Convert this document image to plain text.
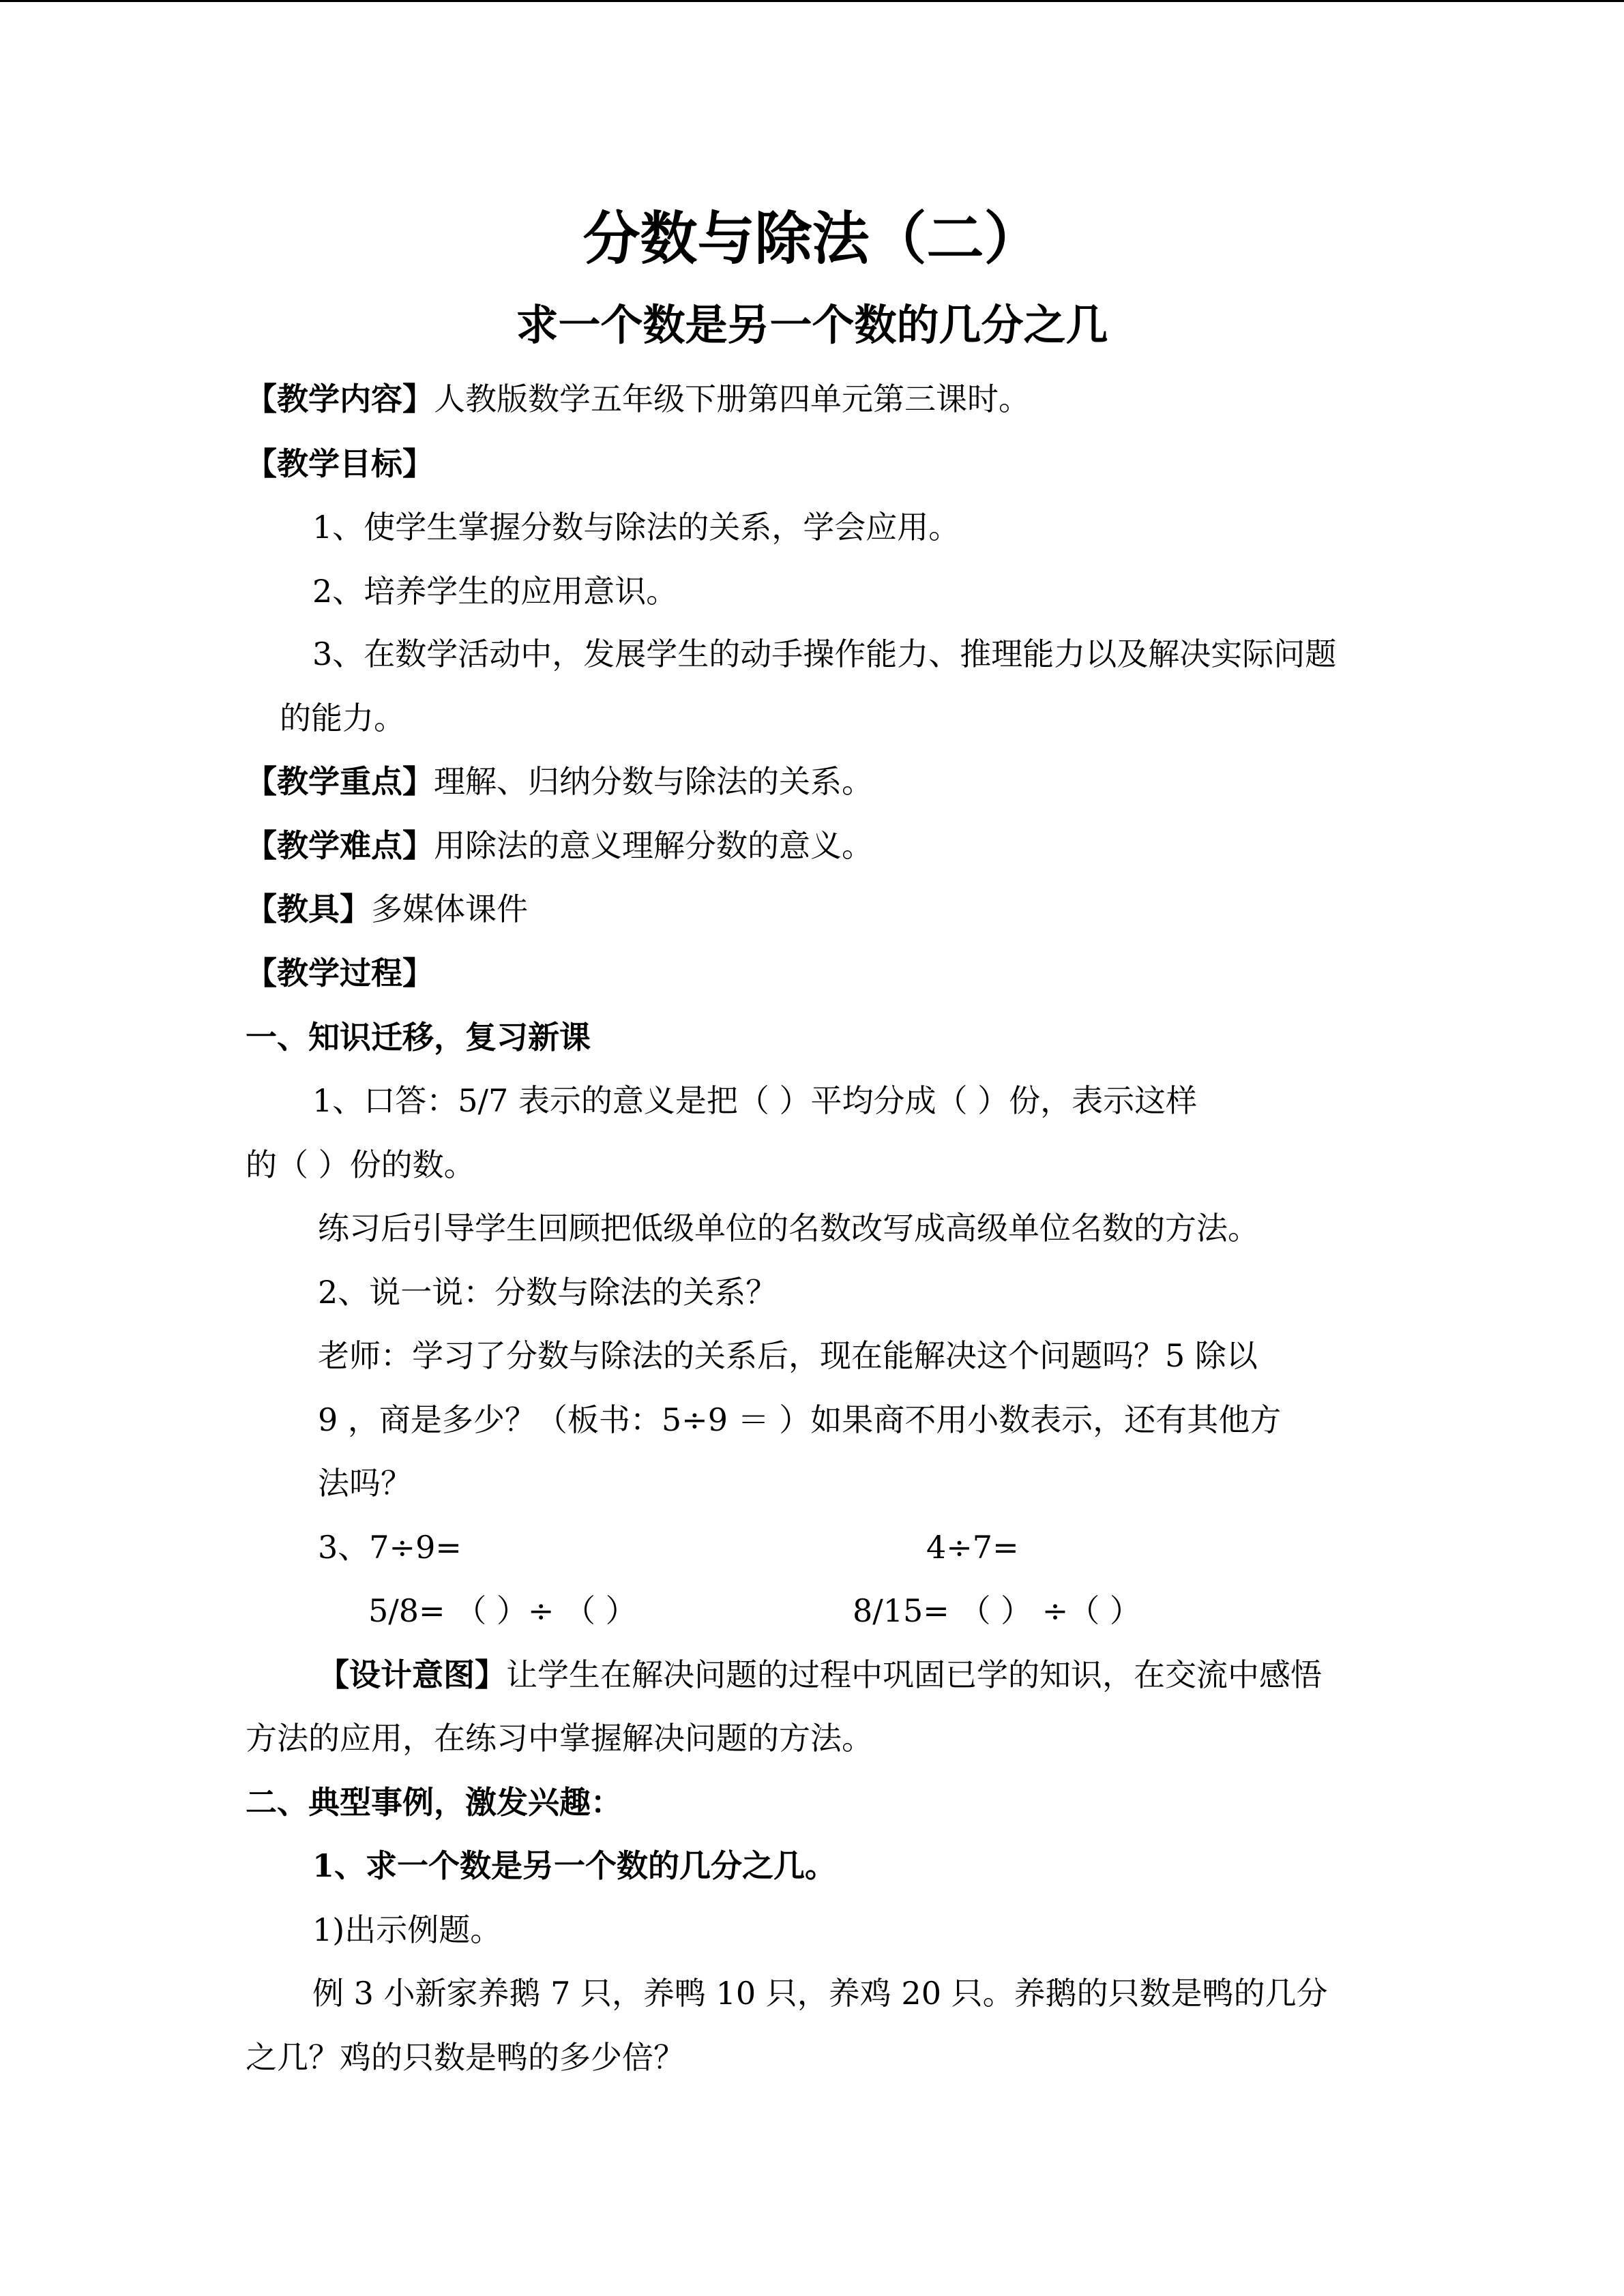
分数与除法（二）
求一个数是另一个数的几分之几
【教学内容】人教版数学五年级下册第四单元第三课时。
【教学目标】
1、使学生掌握分数与除法的关系，学会应用。
2、培养学生的应用意识。
3、在数学活动中，发展学生的动手操作能力、推理能力以及解决实际问题
的能力。
【教学重点】理解、归纳分数与除法的关系。
【教学难点】用除法的意义理解分数的意义。
【教具】多媒体课件
【教学过程】
一、知识迁移，复习新课
1、口答：5/7 表示的意义是把（ ）平均分成（ ）份，表示这样
的（ ）份的数。
练习后引导学生回顾把低级单位的名数改写成高级单位名数的方法。
2、说一说：分数与除法的关系？
老师：学习了分数与除法的关系后，现在能解决这个问题吗？5 除以
9 ，商是多少？（板书：5÷9 ＝ ）如果商不用小数表示，还有其他方
法吗？
3、7÷9=	4÷7=
5/8= （ ）÷ （ ）	8/15= （ ） ÷（ ）
【设计意图】让学生在解决问题的过程中巩固已学的知识，在交流中感悟
方法的应用，在练习中掌握解决问题的方法。
二、典型事例，激发兴趣：
1、求一个数是另一个数的几分之几。
1)出示例题。
例 3 小新家养鹅 7 只，养鸭 10 只，养鸡 20 只。养鹅的只数是鸭的几分
之几？鸡的只数是鸭的多少倍？
